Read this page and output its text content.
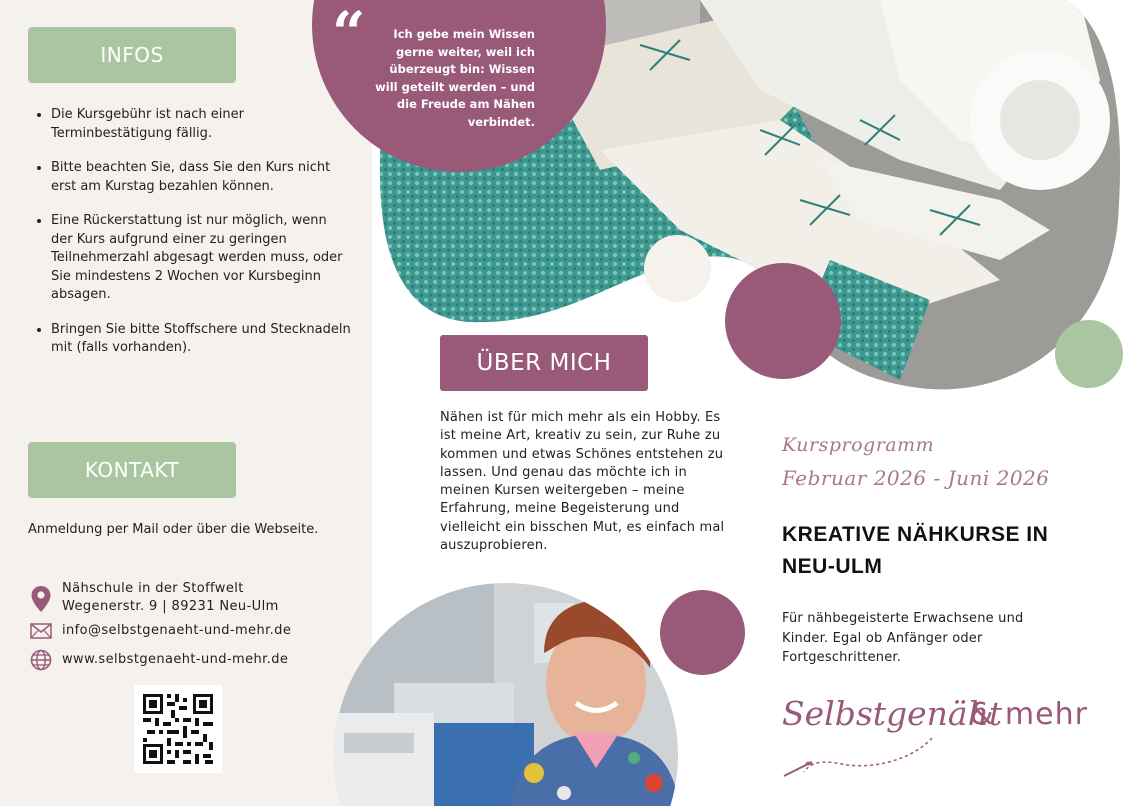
INFOS
• Die Kursgebühr ist nach einer Terminbestätigung fällig.
• Bitte beachten Sie, dass Sie den Kurs nicht erst am Kurstag bezahlen können.
• Eine Rückerstattung ist nur möglich, wenn der Kurs aufgrund einer zu geringen Teilnehmerzahl abgesagt werden muss, oder Sie mindestens 2 Wochen vor Kursbeginn absagen.
• Bringen Sie bitte Stoffschere und Stecknadeln mit (falls vorhanden).
KONTAKT
Anmeldung per Mail oder über die Webseite.
Nähschule in der Stoffwelt
Wegenerstr. 9 | 89231 Neu-Ulm
info@selbstgenaeht-und-mehr.de
www.selbstgenaeht-und-mehr.de
“	Ich gebe mein Wissen gerne weiter, weil ich überzeugt bin: Wissen will geteilt werden – und die Freude am Nähen verbindet.
ÜBER MICH
Nähen ist für mich mehr als ein Hobby. Es ist meine Art, kreativ zu sein, zur Ruhe zu kommen und etwas Schönes entstehen zu lassen. Und genau das möchte ich in meinen Kursen weitergeben – meine Erfahrung, meine Begeisterung und vielleicht ein bisschen Mut, es einfach mal auszuprobieren.
Kursprogramm
Februar 2026 - Juni 2026
KREATIVE NÄHKURSE IN
NEU-ULM
Für nähbegeisterte Erwachsene und Kinder. Egal ob Anfänger oder Fortgeschrittener.
Selbstgenäht
& mehr
